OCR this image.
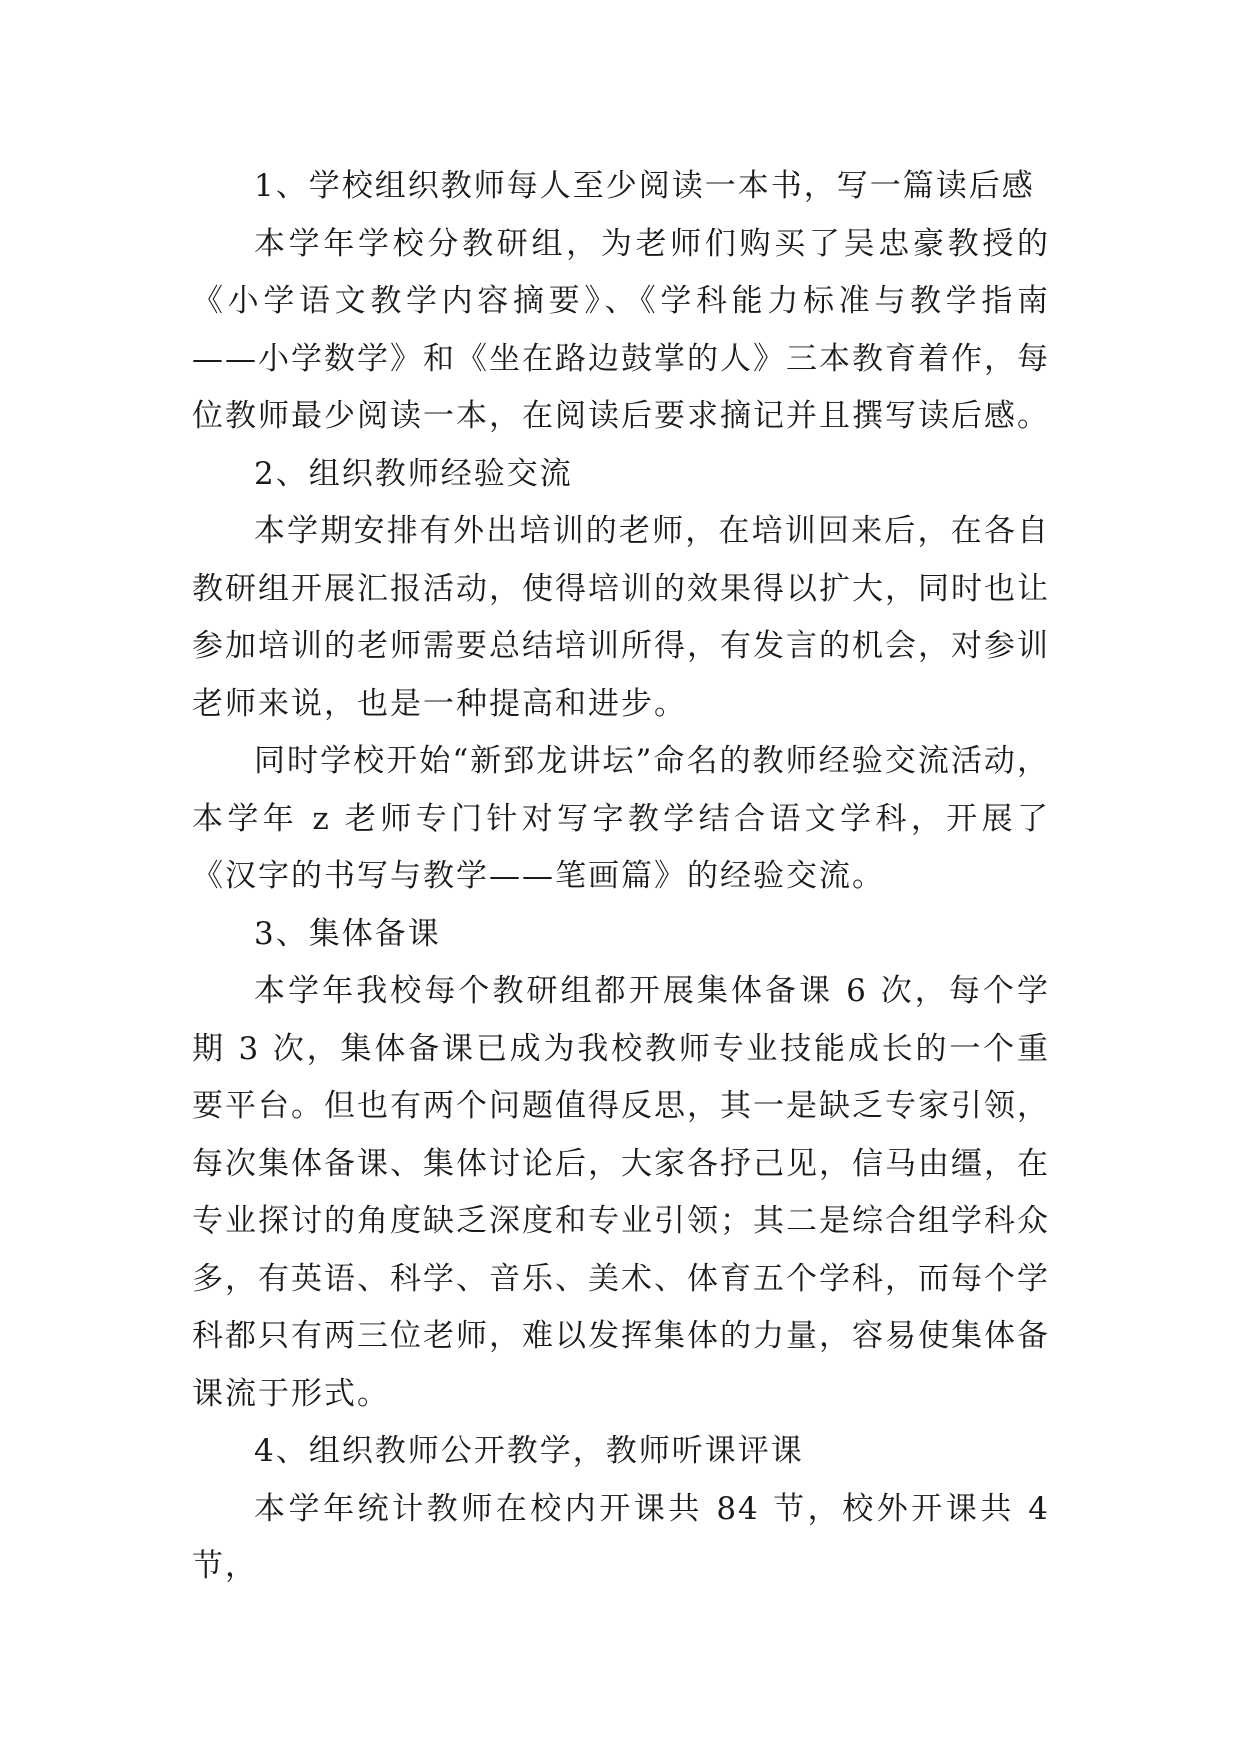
1、学校组织教师每人至少阅读一本书，写一篇读后感

本学年学校分教研组，为老师们购买了吴忠豪教授的《小学语文教学内容摘要》、《学科能力标准与教学指南——小学数学》和《坐在路边鼓掌的人》三本教育着作，每位教师最少阅读一本，在阅读后要求摘记并且撰写读后感。

2、组织教师经验交流

本学期安排有外出培训的老师，在培训回来后，在各自教研组开展汇报活动，使得培训的效果得以扩大，同时也让参加培训的老师需要总结培训所得，有发言的机会，对参训老师来说，也是一种提高和进步。

同时学校开始“新郅龙讲坛”命名的教师经验交流活动，本学年 z 老师专门针对写字教学结合语文学科，开展了《汉字的书写与教学——笔画篇》的经验交流。

3、集体备课

本学年我校每个教研组都开展集体备课 6 次，每个学期 3 次，集体备课已成为我校教师专业技能成长的一个重要平台。但也有两个问题值得反思，其一是缺乏专家引领，每次集体备课、集体讨论后，大家各抒己见，信马由缰，在专业探讨的角度缺乏深度和专业引领；其二是综合组学科众多，有英语、科学、音乐、美术、体育五个学科，而每个学科都只有两三位老师，难以发挥集体的力量，容易使集体备课流于形式。

4、组织教师公开教学，教师听课评课

本学年统计教师在校内开课共 84 节，校外开课共 4 节，
